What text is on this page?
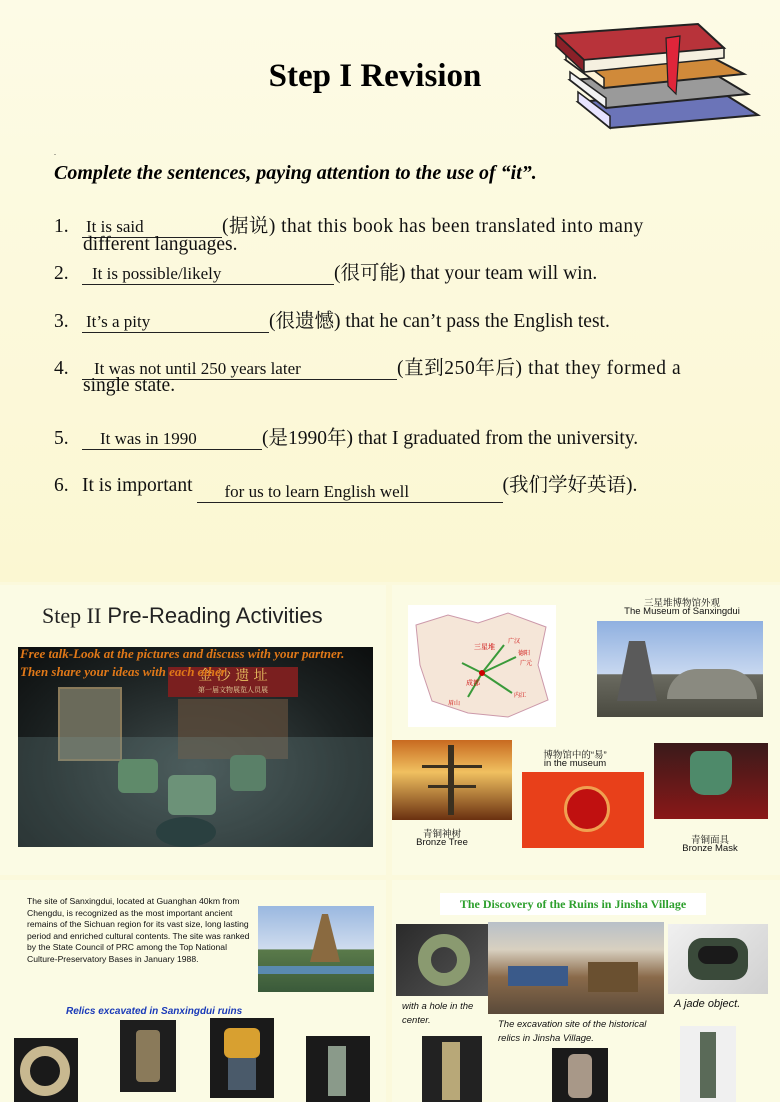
Step I Revision
.
Complete the sentences, paying attention to the use of “it”.
1. It is said	(据说) that this book has been translated into many
different languages.
2. It is possible/likely	(很可能) that your team will win.
3. It’s a pity	(很遗憾) that he can’t pass the English test.
4. It was not until 250 years later	(直到250年后) that they formed a
single state.
5. It was in 1990	(是1990年) that I graduated from the university.
6. It is important for us to learn English well	(我们学好英语).
Step II Pre-Reading Activities
金 沙 遗 址
第一届文物展览人员展
Free talk-Look at the pictures and discuss with your partner. Then share your ideas with each other
三星堆
成都
广汉
德阳
广元
内江
眉山
三星堆博物馆外观
The Museum of Sanxingdui
青铜神树
Bronze Tree
博物馆中的“易”
in the museum
青铜面具
Bronze Mask
The site of Sanxingdui, located at Guanghan 40km from Chengdu, is recognized as the most important ancient remains of the Sichuan region for its vast size, long lasting period and enriched cultural contents. The site was ranked by the State Council of PRC among the Top National Culture-Preservatory Bases in January 1988.
Relics excavated in Sanxingdui ruins
The Discovery of the Ruins in Jinsha Village
with a hole in the center.	The excavation site of the historical relics in Jinsha Village.
A jade object.
